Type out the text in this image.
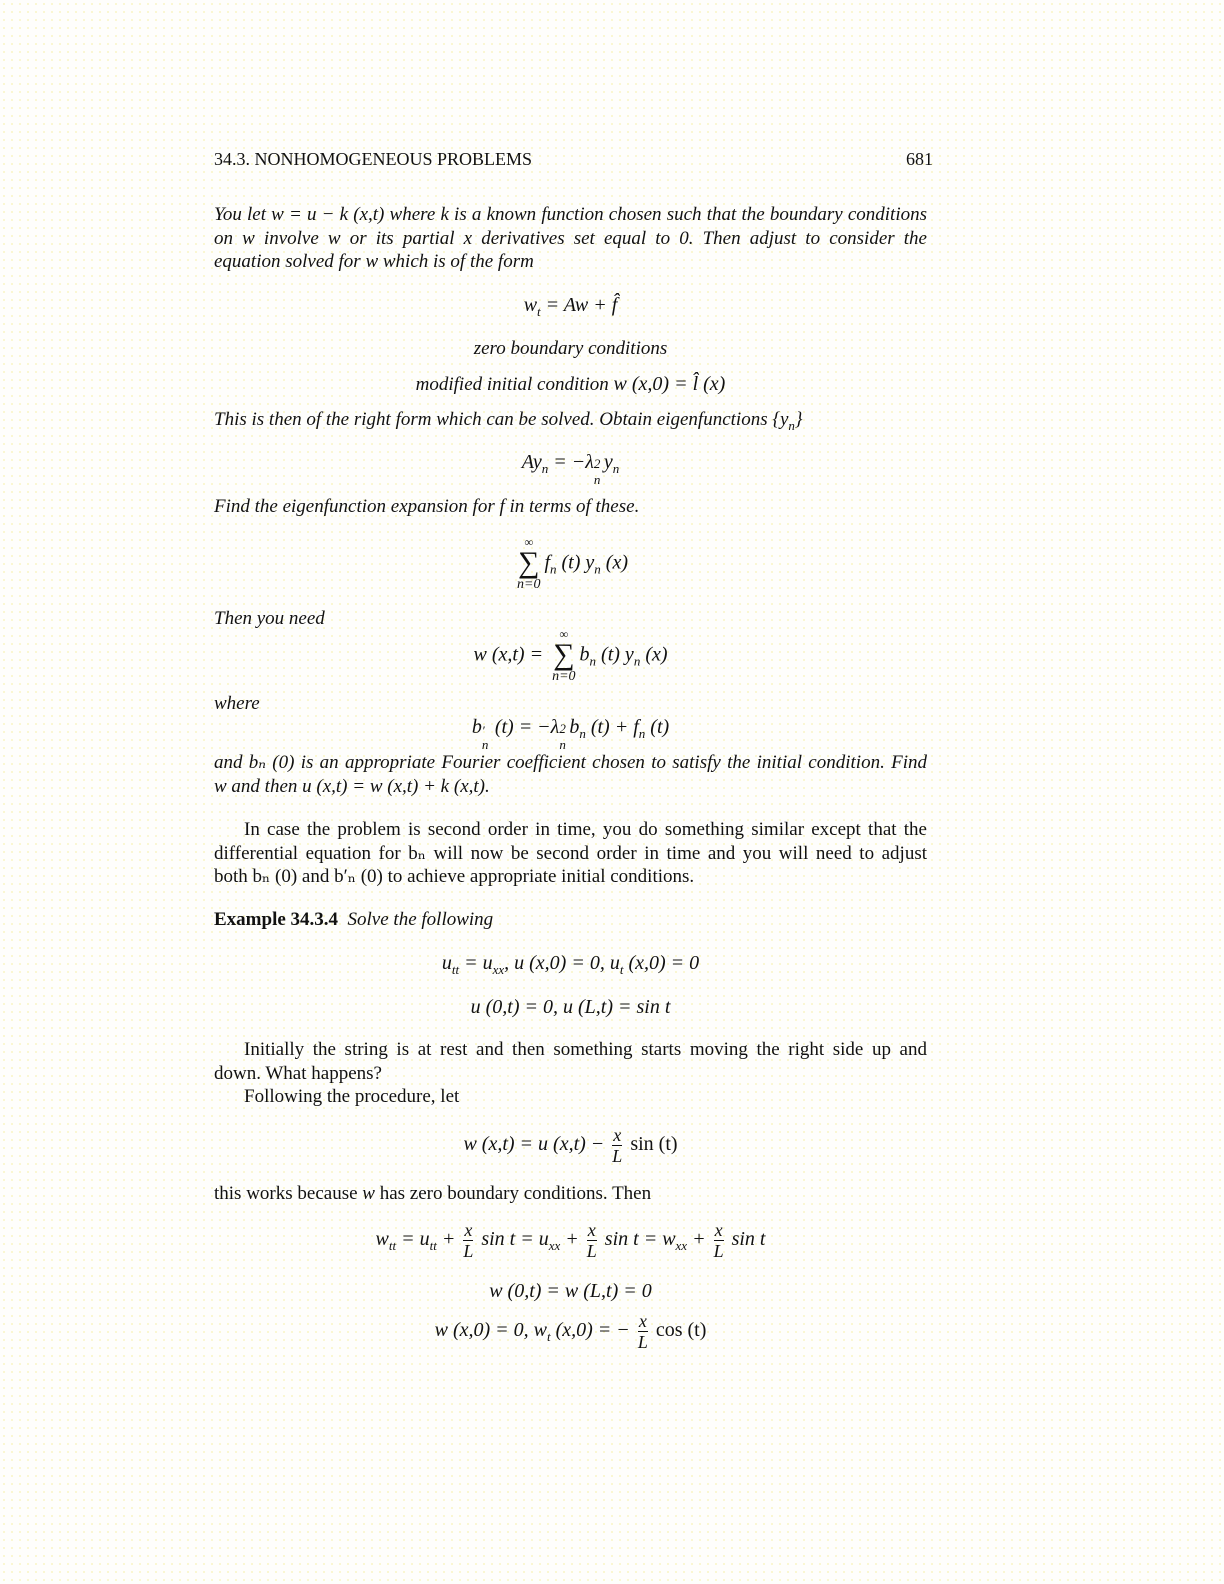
34.3. NONHOMOGENEOUS PROBLEMS	681
You let w = u − k (x,t) where k is a known function chosen such that the boundary conditions
on w involve w or its partial x derivatives set equal to 0. Then adjust to consider the
equation solved for w which is of the form
$w_t = Aw$ + f̂
zero boundary conditions
modified initial condition w (x,0) = l̂ (x)
This is then of the right form which can be solved. Obtain eigenfunctions $\{y_n\}$
$Ay_n = -\lambda$ 2
n
$y_n$
Find the eigenfunction expansion for f in terms of these.
∞
∑
n=0
$f_n$ (t) $y_n$ (x)
Then you need
w (x,t) =
∞
∑
n=0
$b_n$ (t) $y_n$ (x)
where
b ′
n
(t) = −λ 2
n
$b_n$ $(t) + f_n$ (t)
and bₙ (0) is an appropriate Fourier coefficient chosen to satisfy the initial condition. Find
w and then u (x,t) = w (x,t) + k (x,t).
In case the problem is second order in time, you do something similar except that the
differential equation for bₙ will now be second order in time and you will need to adjust
both bₙ (0) and b′ₙ (0) to achieve appropriate initial conditions.
Example 34.3.4 Solve the following
$u_{tt} = u_{xx}$, u (x,0) = 0, $u_t$ (x,0) = 0
u (0,t) = 0, u (L,t) = sin t
Initially the string is at rest and then something starts moving the right side up and
down. What happens?
Following the procedure, let
w (x,t) = u $(x,t) - \frac{x}{L}$ sin (t)
this works because w has zero boundary conditions. Then
$w_{tt} = u_{tt} + \frac{x}{L}$ $\sin t = u_{xx} + \frac{x}{L}$ $\sin t = w_{xx} + \frac{x}{L}$ sin t
w (0,t) = w (L,t) = 0
w (x,0) = 0, $w_t$ (x,0) = − $\frac{x}{L}$ cos (t)
